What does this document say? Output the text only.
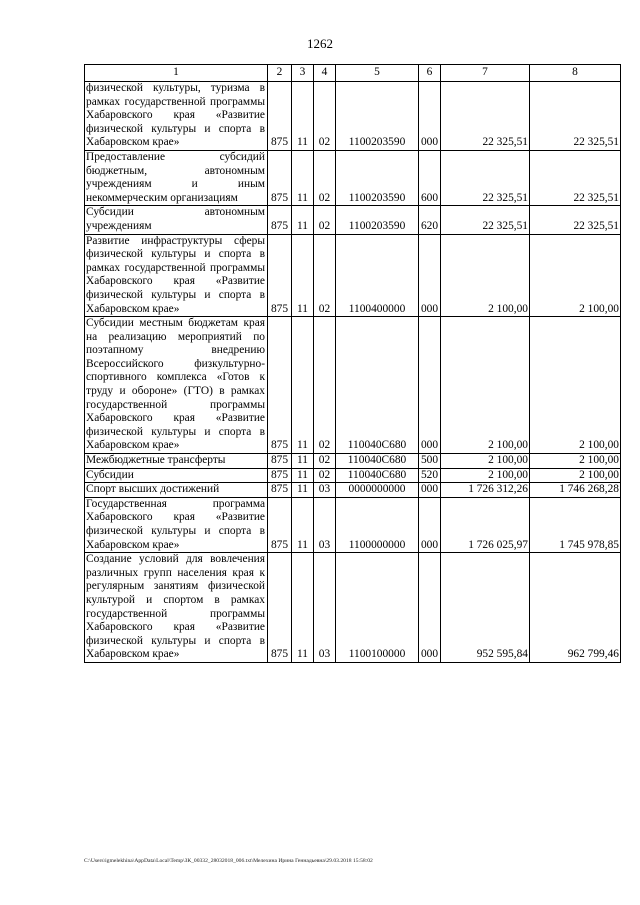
1262
1	2	3	4	5	6	7	8
физической культуры, туризма в рамках государственной программы Хабаровского края «Развитие физической культуры и спорта в Хабаровском крае»	875	11	02	1100203590	000	22 325,51	22 325,51
Предоставление субсидий бюджетным, автономным учреждениям и иным некоммерческим организациям	875	11	02	1100203590	600	22 325,51	22 325,51
Субсидии автономным учреждениям	875	11	02	1100203590	620	22 325,51	22 325,51
Развитие инфраструктуры сферы физической культуры и спорта в рамках государственной программы Хабаровского края «Развитие физической культуры и спорта в Хабаровском крае»	875	11	02	1100400000	000	2 100,00	2 100,00
Субсидии местным бюджетам края на реализацию мероприятий по поэтапному внедрению Всероссийского физкультурно-спортивного комплекса «Готов к труду и обороне» (ГТО) в рамках государственной программы Хабаровского края «Развитие физической культуры и спорта в Хабаровском крае»	875	11	02	110040С680	000	2 100,00	2 100,00
Межбюджетные трансферты	875	11	02	110040С680	500	2 100,00	2 100,00
Субсидии	875	11	02	110040С680	520	2 100,00	2 100,00
Спорт высших достижений	875	11	03	0000000000	000	1 726 312,26	1 746 268,28
Государственная программа Хабаровского края «Развитие физической культуры и спорта в Хабаровском крае»	875	11	03	1100000000	000	1 726 025,97	1 745 978,85
Создание условий для вовлечения различных групп населения края к регулярным занятиям физической культурой и спортом в рамках государственной программы Хабаровского края «Развитие физической культуры и спорта в Хабаровском крае»	875	11	03	1100100000	000	952 595,84	962 799,46
C:\Users\igmelekhina\AppData\Local\Temp\ЗК_00332_28032018_006.txt\Мелехина Ирина Геннадьевна\29.03.2018 15:58:02
